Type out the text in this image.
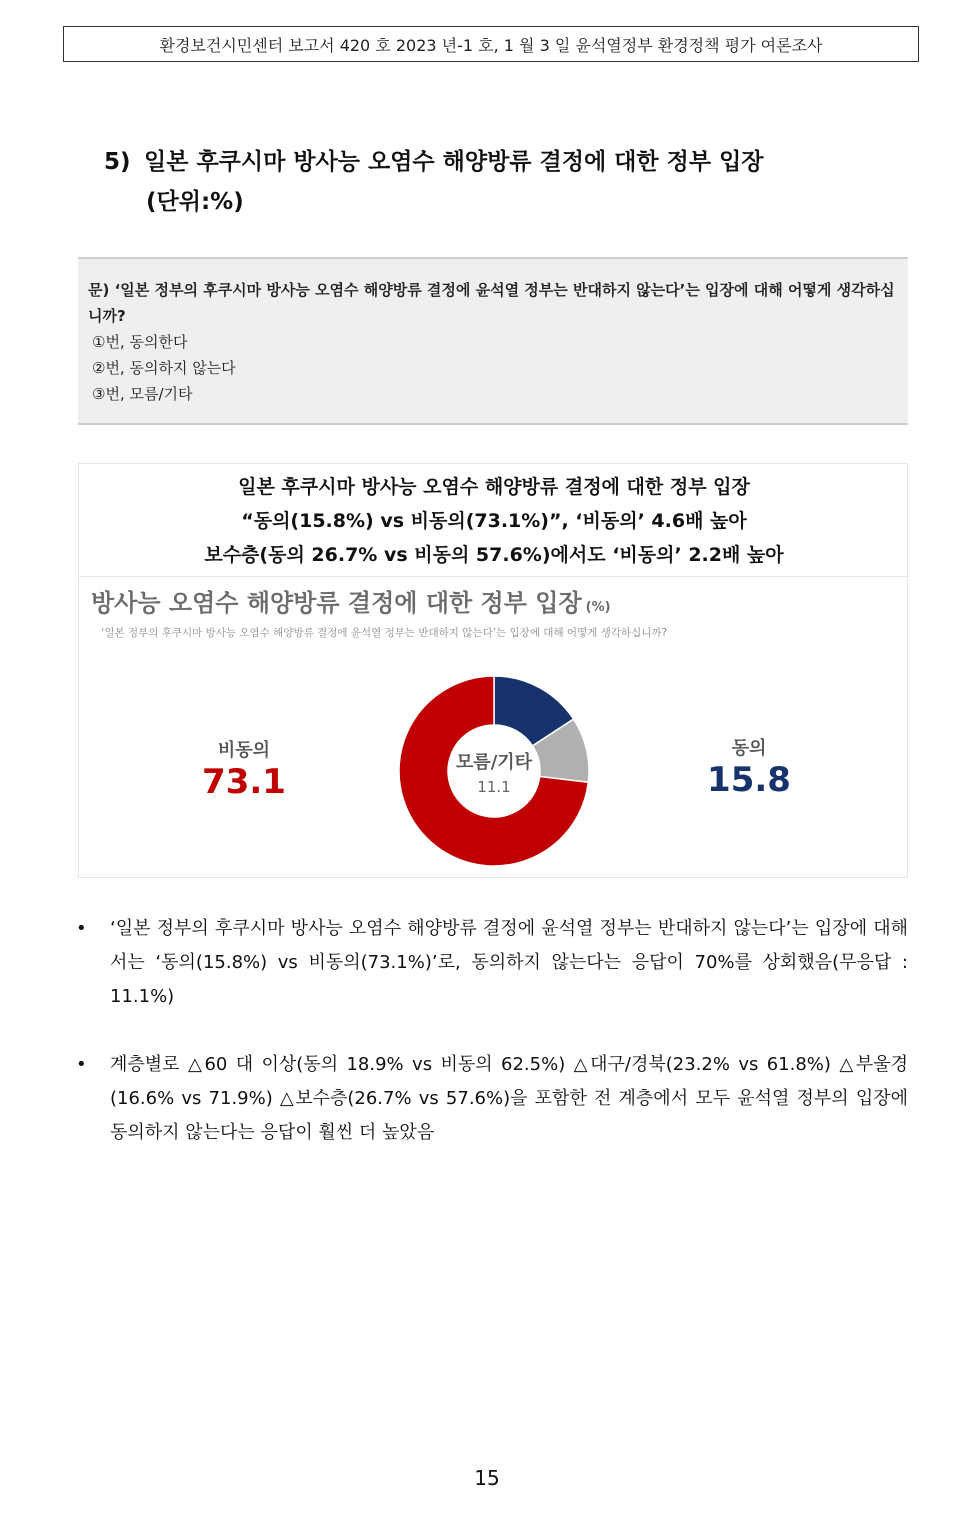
환경보건시민센터 보고서 420 호 2023 년-1 호, 1 월 3 일 윤석열정부 환경정책 평가 여론조사
5) 일본 후쿠시마 방사능 오염수 해양방류 결정에 대한 정부 입장
(단위:%)
문) ‘일본 정부의 후쿠시마 방사능 오염수 해양방류 결정에 윤석열 정부는 반대하지 않는다’는 입장에 대해 어떻게 생각하십니까?
①번, 동의한다
②번, 동의하지 않는다
③번, 모름/기타
일본 후쿠시마 방사능 오염수 해양방류 결정에 대한 정부 입장
“동의(15.8%) vs 비동의(73.1%)”, ‘비동의’ 4.6배 높아
보수층(동의 26.7% vs 비동의 57.6%)에서도 ‘비동의’ 2.2배 높아
방사능 오염수 해양방류 결정에 대한 정부 입장 (%)
‘일본 정부의 후쿠시마 방사능 오염수 해양방류 결정에 윤석열 정부는 반대하지 않는다’는 입장에 대해 어떻게 생각하십니까?
비동의
73.1	모름/기타
11.1
동의
15.8
•	‘일본 정부의 후쿠시마 방사능 오염수 해양방류 결정에 윤석열 정부는 반대하지 않는다’는 입장에 대해서는 ‘동의(15.8%) vs 비동의(73.1%)’로, 동의하지 않는다는 응답이 70%를 상회했음(무응답 : 11.1%)
•	계층별로 △60 대 이상(동의 18.9% vs 비동의 62.5%) △대구/경북(23.2% vs 61.8%) △부울경(16.6% vs 71.9%) △보수층(26.7% vs 57.6%)을 포함한 전 계층에서 모두 윤석열 정부의 입장에 동의하지 않는다는 응답이 훨씬 더 높았음
15
